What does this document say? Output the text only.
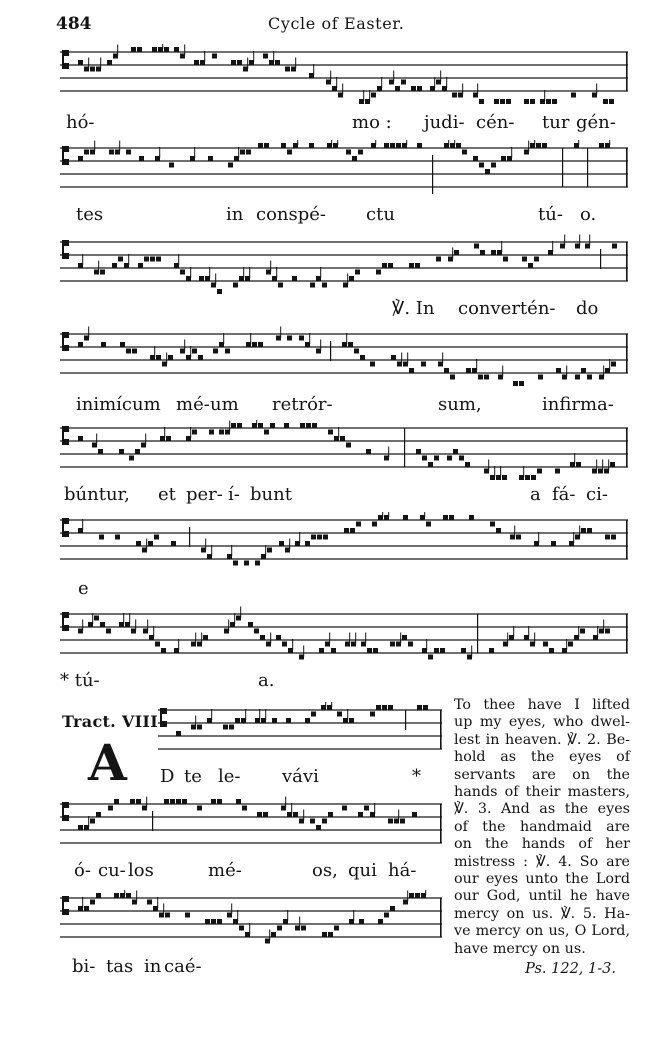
484	Cycle of Easter.
hó-	mo : judi- cén- tur gén-
tes	in conspé- ctu	tú- o.
℣. In convertén- do
inimícum mé- um retrór-	sum,	infirma-
búntur, et per- í- bunt	a fá- ci-
e
* tú-	a.
Tract. VIII
A D te le- vávi	*
ó- cu- los	mé-	os, qui há-
bi- tas in caé-
To thee have I lifted
up my eyes, who dwel-
lest in heaven. ℣. 2. Be-
hold as the eyes of
servants are on the
hands of their masters,
℣. 3. And as the eyes
of the handmaid are
on the hands of her
mistress : ℣. 4. So are
our eyes unto the Lord
our God, until he have
mercy on us. ℣. 5. Ha-
ve mercy on us, O Lord,
have mercy on us.
Ps. 122, 1-3.
